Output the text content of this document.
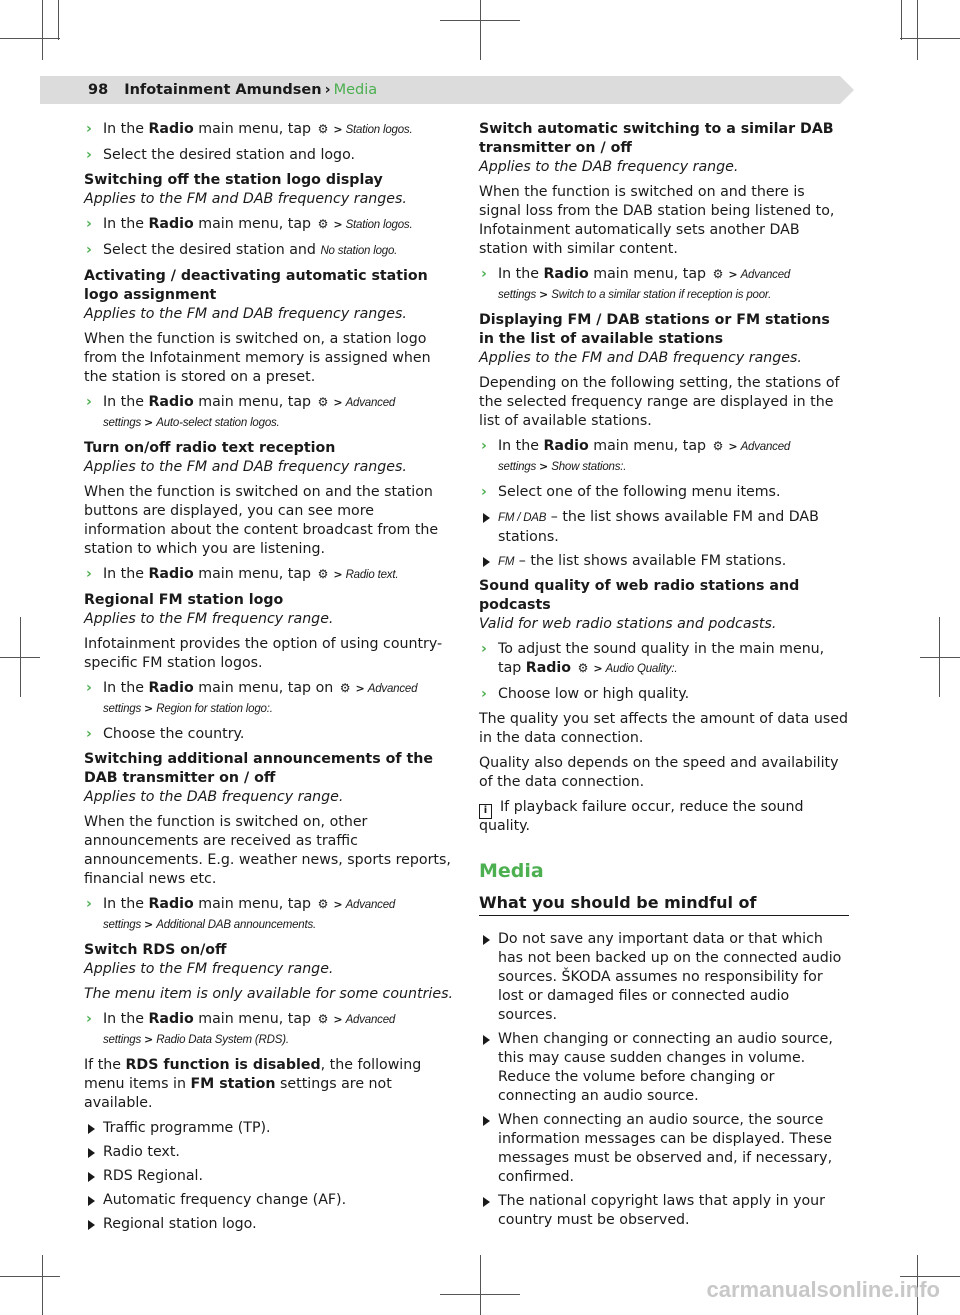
98 Infotainment Amundsen › Media
› In the Radio main menu, tap ⚙ > Station logos.
› Select the desired station and logo.

Switching off the station logo display

Applies to the FM and DAB frequency ranges.

› In the Radio main menu, tap ⚙ > Station logos.
› Select the desired station and No station logo.

Activating / deactivating automatic station logo assignment

Applies to the FM and DAB frequency ranges.

When the function is switched on, a station logo from the Infotainment memory is assigned when the station is stored on a preset.

› In the Radio main menu, tap ⚙ > Advanced settings > Auto-select station logos.

Turn on/off radio text reception

Applies to the FM and DAB frequency ranges.

When the function is switched on and the station buttons are displayed, you can see more information about the content broadcast from the station to which you are listening.

› In the Radio main menu, tap ⚙ > Radio text.

Regional FM station logo

Applies to the FM frequency range.

Infotainment provides the option of using country-specific FM station logos.

› In the Radio main menu, tap on ⚙ > Advanced settings > Region for station logo:.
› Choose the country.

Switching additional announcements of the DAB transmitter on / off

Applies to the DAB frequency range.

When the function is switched on, other announcements are received as traffic announcements. E.g. weather news, sports reports, financial news etc.

› In the Radio main menu, tap ⚙ > Advanced settings > Additional DAB announcements.

Switch RDS on/off

Applies to the FM frequency range.

The menu item is only available for some countries.

› In the Radio main menu, tap ⚙ > Advanced settings > Radio Data System (RDS).

If the RDS function is disabled, the following menu items in FM station settings are not available.

Traffic programme (TP).
Radio text.
RDS Regional.
Automatic frequency change (AF).
Regional station logo.

Switch automatic switching to a similar DAB transmitter on / off

Applies to the DAB frequency range.

When the function is switched on and there is signal loss from the DAB station being listened to, Infotainment automatically sets another DAB station with similar content.

› In the Radio main menu, tap ⚙ > Advanced settings > Switch to a similar station if reception is poor.

Displaying FM / DAB stations or FM stations in the list of available stations

Applies to the FM and DAB frequency ranges.

Depending on the following setting, the stations of the selected frequency range are displayed in the list of available stations.

› In the Radio main menu, tap ⚙ > Advanced settings > Show stations:.
› Select one of the following menu items.
FM / DAB – the list shows available FM and DAB stations.
FM – the list shows available FM stations.

Sound quality of web radio stations and podcasts

Valid for web radio stations and podcasts.

› To adjust the sound quality in the main menu, tap Radio ⚙ > Audio Quality:.
› Choose low or high quality.

The quality you set affects the amount of data used in the data connection.

Quality also depends on the speed and availability of the data connection.

i If playback failure occur, reduce the sound quality.

Media
What you should be mindful of
Do not save any important data or that which has not been backed up on the connected audio sources. ŠKODA assumes no responsibility for lost or damaged files or connected audio sources.
When changing or connecting an audio source, this may cause sudden changes in volume. Reduce the volume before changing or connecting an audio source.
When connecting an audio source, the source information messages can be displayed. These messages must be observed and, if necessary, confirmed.
The national copyright laws that apply in your country must be observed.
carmanualsonline.info
